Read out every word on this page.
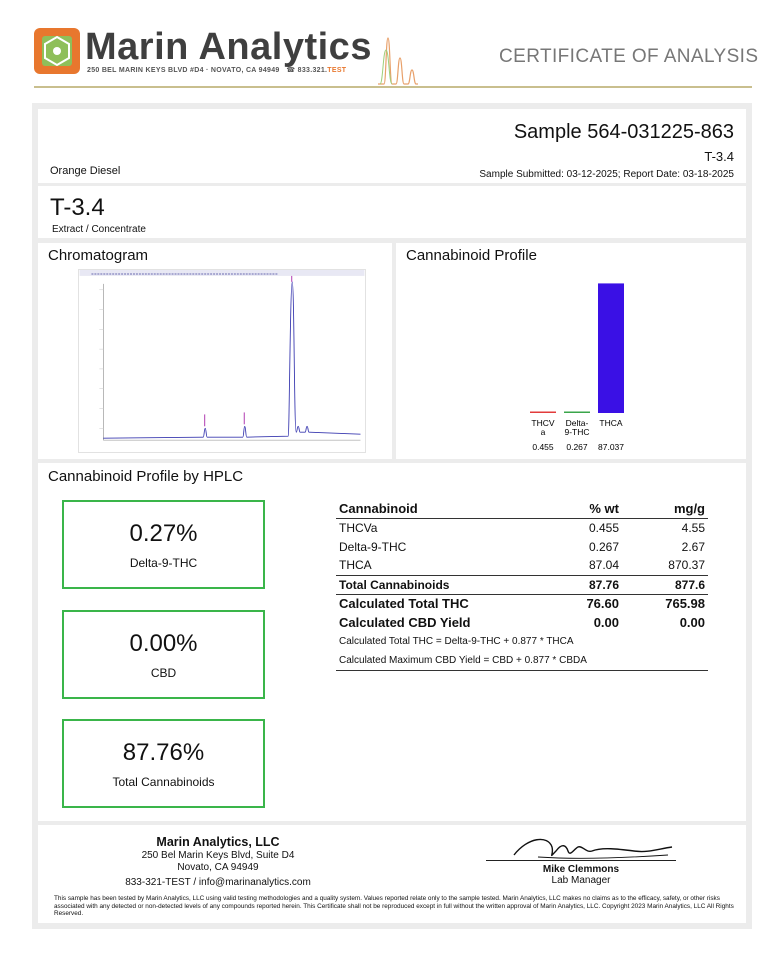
Marin Analytics
250 BEL MARIN KEYS BLVD #D4 · NOVATO, CA 94949   ☎ 833.321.TEST
CERTIFICATE OF ANALYSIS
Sample 564-031225-863
T-3.4
Orange Diesel	Sample Submitted: 03-12-2025; Report Date: 03-18-2025
T-3.4
Extract / Concentrate
Chromatogram	Cannabinoid Profile
THCV
a
0.455
Delta-
9-THC
0.267
THCA
87.037
Cannabinoid Profile by HPLC
0.27%
Delta-9-THC
0.00%
CBD
87.76%
Total Cannabinoids
Cannabinoid	% wt	mg/g
THCVa	0.455	4.55
Delta-9-THC	0.267	2.67
THCA	87.04	870.37
Total Cannabinoids	87.76	877.6
Calculated Total THC	76.60	765.98
Calculated CBD Yield	0.00	0.00
Calculated Total THC = Delta-9-THC + 0.877 * THCA		
Calculated Maximum CBD Yield = CBD + 0.877 * CBDA		
Marin Analytics, LLC
250 Bel Marin Keys Blvd, Suite D4
Novato, CA 94949
833-321-TEST / info@marinanalytics.com
Mike Clemmons
Lab Manager
This sample has been tested by Marin Analytics, LLC using valid testing methodologies and a quality system. Values reported relate only to the sample tested. Marin Analytics, LLC makes no claims as to the efficacy, safety, or other risks associated with any detected or non-detected levels of any compounds reported herein. This Certificate shall not be reproduced except in full without the written approval of Marin Analytics, LLC. Copyright 2023 Marin Analytics, LLC All Rights Reserved.
